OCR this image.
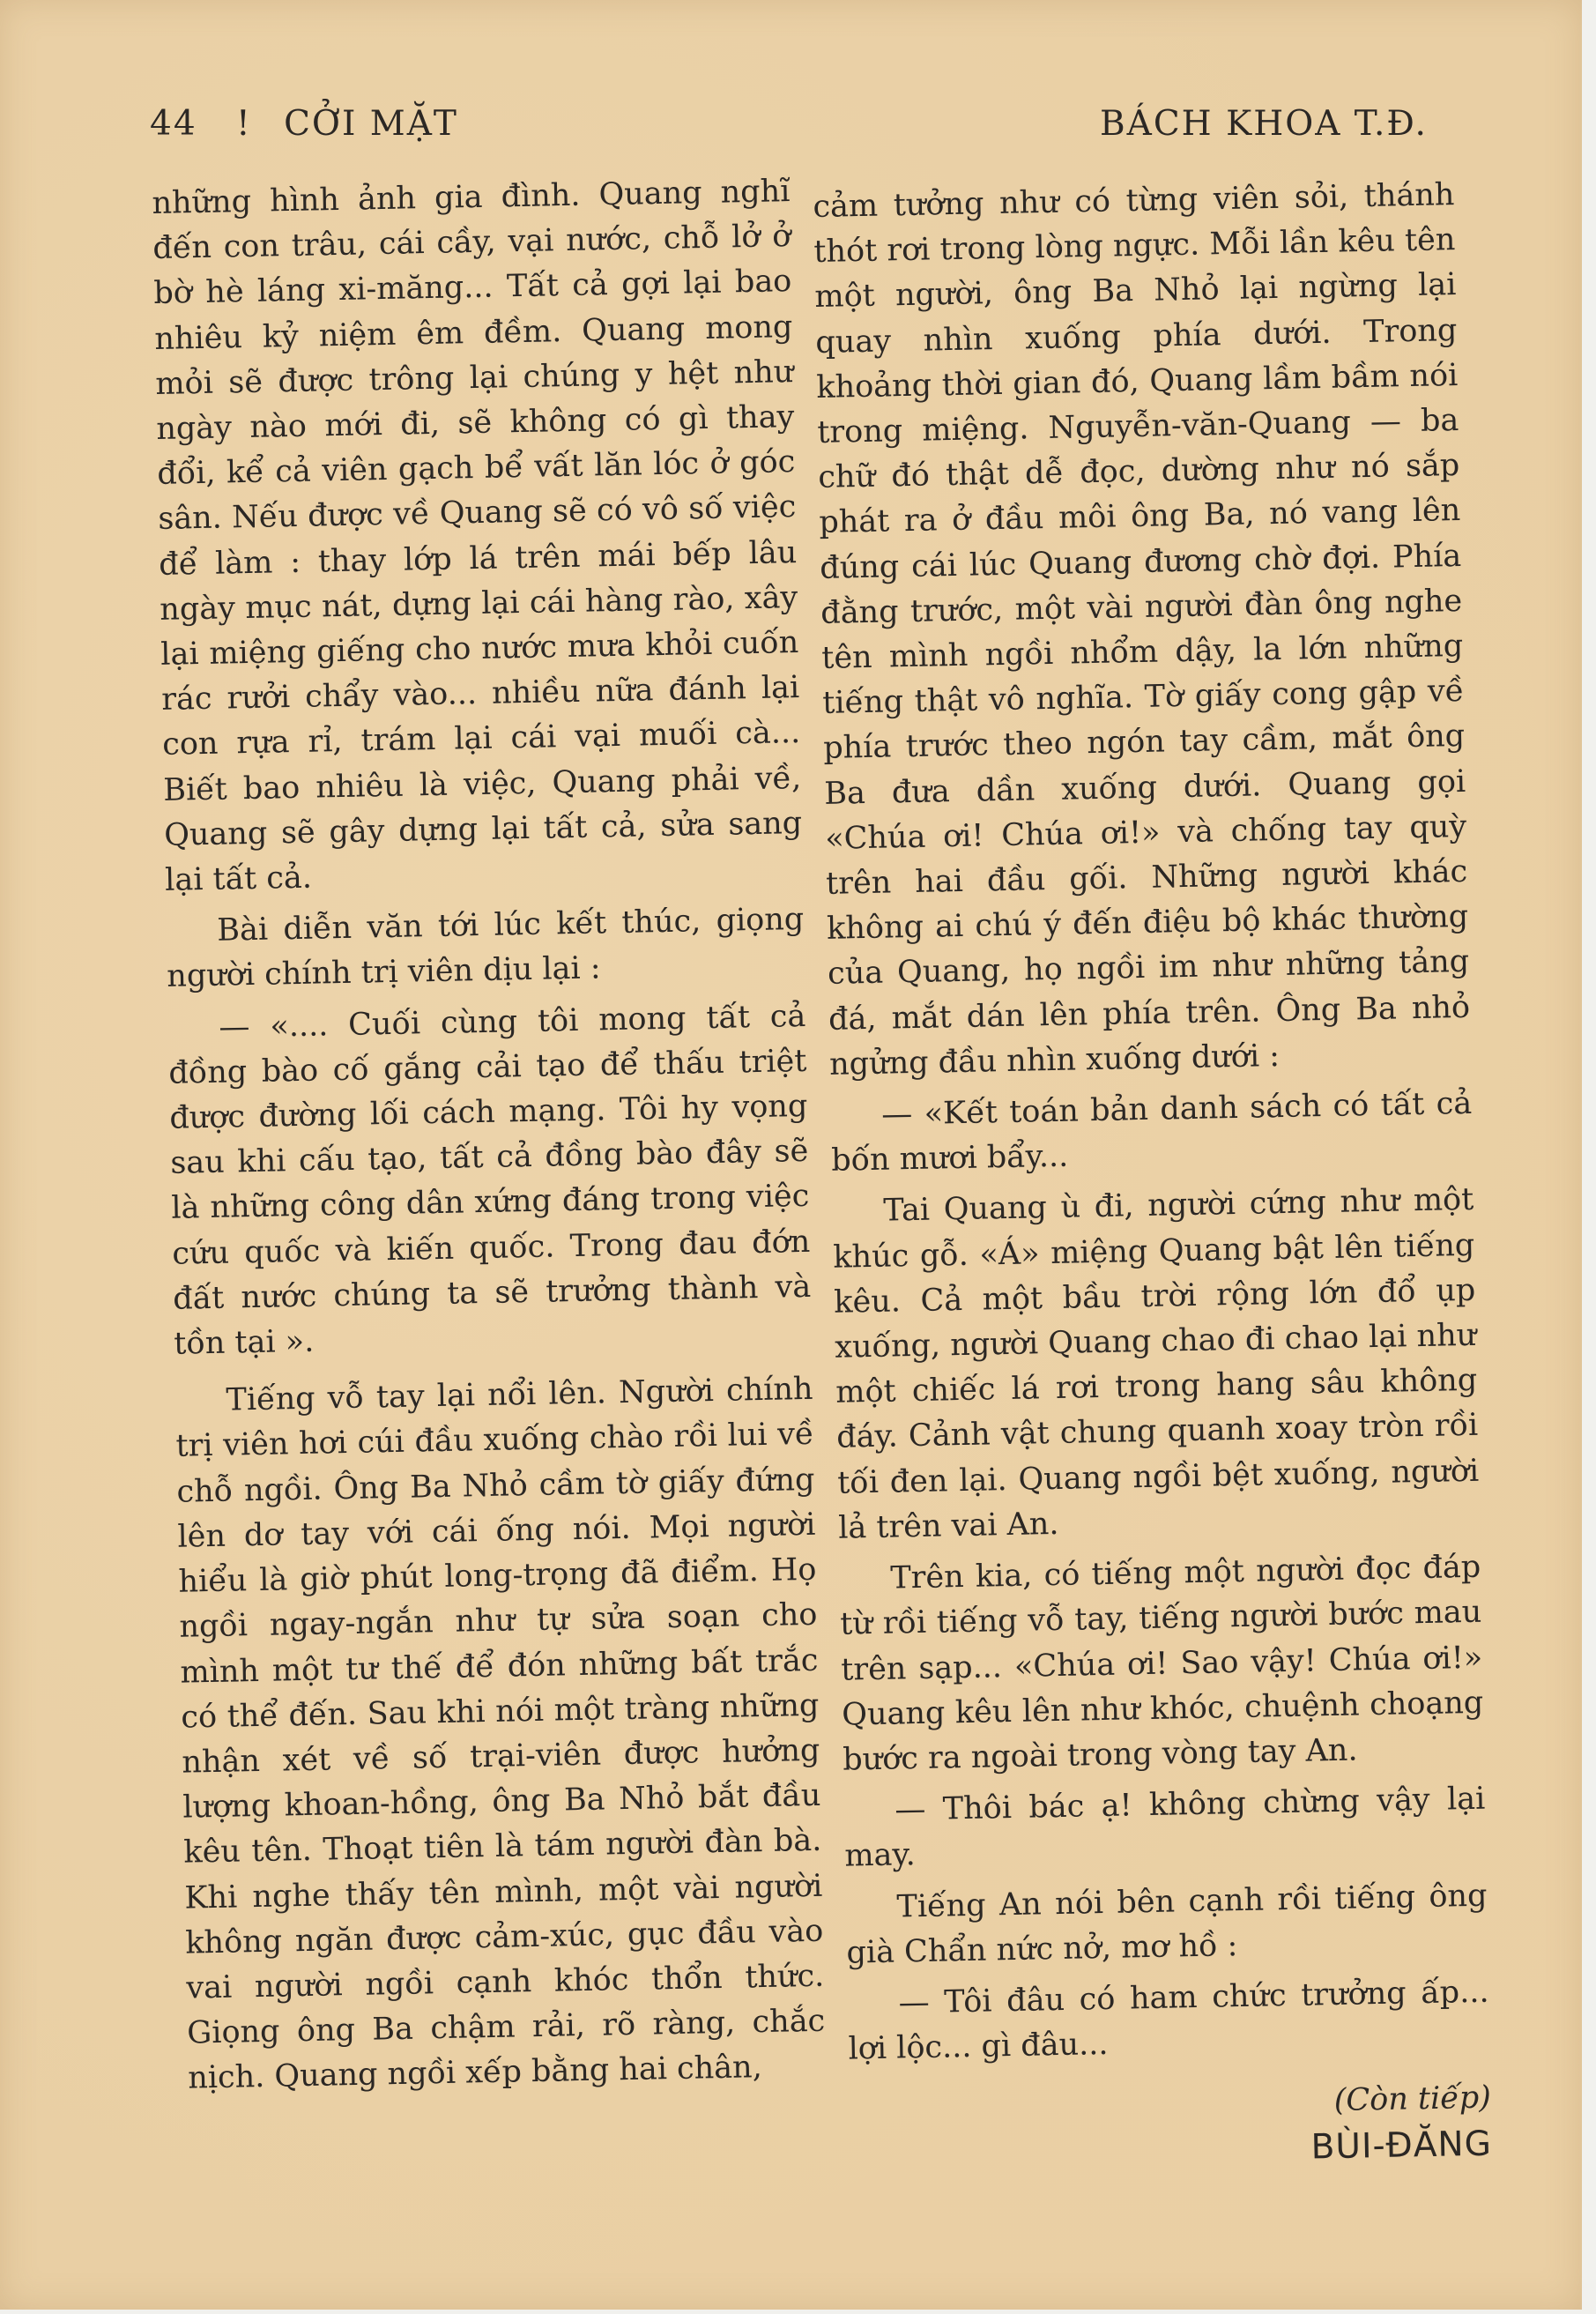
44 ! CỞI MẶT	BÁCH KHOA T.Đ.

những hình ảnh gia đình. Quang nghĩ đến con trâu, cái cầy, vại nước, chỗ lở ở bờ hè láng xi-măng... Tất cả gợi lại bao nhiêu kỷ niệm êm đềm. Quang mong mỏi sẽ được trông lại chúng y hệt như ngày nào mới đi, sẽ không có gì thay đổi, kể cả viên gạch bể vất lăn lóc ở góc sân. Nếu được về Quang sẽ có vô số việc để làm : thay lớp lá trên mái bếp lâu ngày mục nát, dựng lại cái hàng rào, xây lại miệng giếng cho nước mưa khỏi cuốn rác rưởi chẩy vào... nhiều nữa đánh lại con rựa rỉ, trám lại cái vại muối cà... Biết bao nhiêu là việc, Quang phải về, Quang sẽ gây dựng lại tất cả, sửa sang lại tất cả.

Bài diễn văn tới lúc kết thúc, giọng người chính trị viên dịu lại :

— «.... Cuối cùng tôi mong tất cả đồng bào cố gắng cải tạo để thấu triệt được đường lối cách mạng. Tôi hy vọng sau khi cấu tạo, tất cả đồng bào đây sẽ là những công dân xứng đáng trong việc cứu quốc và kiến quốc. Trong đau đớn đất nước chúng ta sẽ trưởng thành và tồn tại ».

Tiếng vỗ tay lại nổi lên. Người chính trị viên hơi cúi đầu xuống chào rồi lui về chỗ ngồi. Ông Ba Nhỏ cầm tờ giấy đứng lên dơ tay với cái ống nói. Mọi người hiểu là giờ phút long-trọng đã điểm. Họ ngồi ngay-ngắn như tự sửa soạn cho mình một tư thế để đón những bất trắc có thể đến. Sau khi nói một tràng những nhận xét về số trại-viên được hưởng lượng khoan-hồng, ông Ba Nhỏ bắt đầu kêu tên. Thoạt tiên là tám người đàn bà. Khi nghe thấy tên mình, một vài người không ngăn được cảm-xúc, gục đầu vào vai người ngồi cạnh khóc thổn thức. Giọng ông Ba chậm rải, rõ ràng, chắc nịch. Quang ngồi xếp bằng hai chân,

cảm tưởng như có từng viên sỏi, thánh thót rơi trong lòng ngực. Mỗi lần kêu tên một người, ông Ba Nhỏ lại ngừng lại quay nhìn xuống phía dưới. Trong khoảng thời gian đó, Quang lầm bầm nói trong miệng. Nguyễn-văn-Quang — ba chữ đó thật dễ đọc, dường như nó sắp phát ra ở đầu môi ông Ba, nó vang lên đúng cái lúc Quang đương chờ đợi. Phía đằng trước, một vài người đàn ông nghe tên mình ngồi nhổm dậy, la lớn những tiếng thật vô nghĩa. Tờ giấy cong gập về phía trước theo ngón tay cầm, mắt ông Ba đưa dần xuống dưới. Quang gọi «Chúa ơi! Chúa ơi!» và chống tay quỳ trên hai đầu gối. Những người khác không ai chú ý đến điệu bộ khác thường của Quang, họ ngồi im như những tảng đá, mắt dán lên phía trên. Ông Ba nhỏ ngửng đầu nhìn xuống dưới :

— «Kết toán bản danh sách có tất cả bốn mươi bẩy...

Tai Quang ù đi, người cứng như một khúc gỗ. «Á» miệng Quang bật lên tiếng kêu. Cả một bầu trời rộng lớn đổ ụp xuống, người Quang chao đi chao lại như một chiếc lá rơi trong hang sâu không đáy. Cảnh vật chung quanh xoay tròn rồi tối đen lại. Quang ngồi bệt xuống, người lả trên vai An.

Trên kia, có tiếng một người đọc đáp từ rồi tiếng vỗ tay, tiếng người bước mau trên sạp... «Chúa ơi! Sao vậy! Chúa ơi!» Quang kêu lên như khóc, chuệnh choạng bước ra ngoài trong vòng tay An.

— Thôi bác ạ! không chừng vậy lại may.

Tiếng An nói bên cạnh rồi tiếng ông già Chẩn nức nở, mơ hồ :

— Tôi đâu có ham chức trưởng ấp... lợi lộc... gì đâu...

(Còn tiếp)

BÙI-ĐĂNG
